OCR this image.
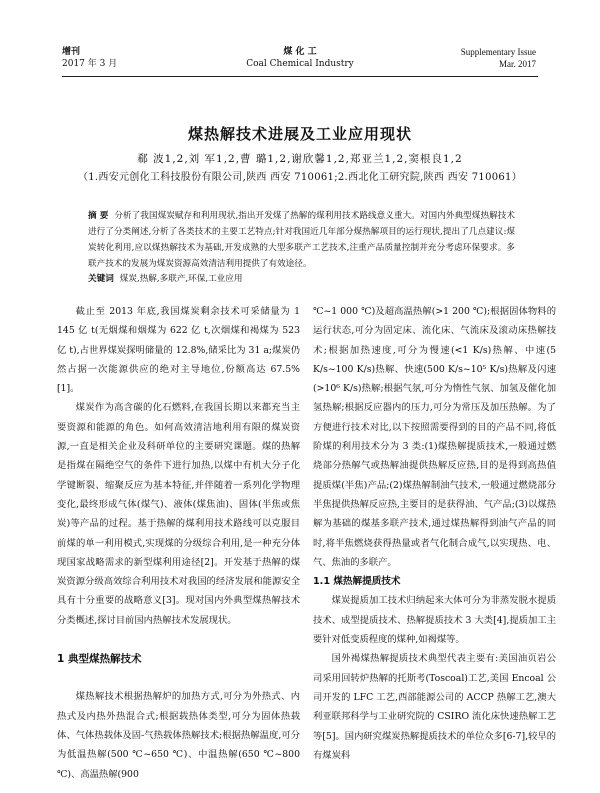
增刊
2017 年 3 月
煤 化 工
Coal Chemical Industry
Supplementary Issue
Mar. 2017
煤热解技术进展及工业应用现状
郗 波1,2,刘 军1,2,曹 璐1,2,谢欣馨1,2,郑亚兰1,2,窦根良1,2
（1.西安元创化工科技股份有限公司,陕西 西安 710061;2.西北化工研究院,陕西 西安 710061）
摘 要 分析了我国煤炭赋存和利用现状,指出开发煤了热解的煤利用技术路线意义重大。对国内外典型煤热解技术进行了分类阐述,分析了各类技术的主要工艺特点;针对我国近几年部分煤热解项目的运行现状,提出了几点建议:煤炭转化利用,应以煤热解技术为基础,开发成熟的大型多联产工艺技术,注重产品质量控制并充分考虑环保要求。多联产技术的发展为煤炭资源高效清洁利用提供了有效途径。
关键词 煤炭,热解,多联产,环保,工业应用

截止至 2013 年底,我国煤炭剩余技术可采储量为 1 145 亿 t(无烟煤和烟煤为 622 亿 t,次烟煤和褐煤为 523 亿 t),占世界煤炭探明储量的 12.8%,储采比为 31 a;煤炭仍然占据一次能源供应的绝对主导地位,份额高达 67.5%[1]。

煤炭作为高含碳的化石燃料,在我国长期以来都充当主要资源和能源的角色。如何高效清洁地利用有限的煤炭资源,一直是相关企业及科研单位的主要研究课题。煤的热解是指煤在隔绝空气的条件下进行加热,以煤中有机大分子化学键断裂、缩聚反应为基本特征,并伴随着一系列化学物理变化,最终形成气体(煤气)、液体(煤焦油)、固体(半焦或焦炭)等产品的过程。基于热解的煤利用技术路线可以克服目前煤的单一利用模式,实现煤的分级综合利用,是一种充分体现国家战略需求的新型煤利用途径[2]。开发基于热解的煤炭资源分级高效综合利用技术对我国的经济发展和能源安全具有十分重要的战略意义[3]。现对国内外典型煤热解技术分类概述,探讨目前国内热解技术发展现状。

1 典型煤热解技术

煤热解技术根据热解炉的加热方式,可分为外热式、内热式及内热外热混合式;根据载热体类型,可分为固体热载体、气体热载体及固-气热载体热解技术;根据热解温度,可分为低温热解(500 ℃~650 ℃)、中温热解(650 ℃~800 ℃)、高温热解(900

℃~1 000 ℃)及超高温热解(>1 200 ℃);根据固体物料的运行状态,可分为固定床、流化床、气流床及滚动床热解技术;根据加热速度,可分为慢速(<1 K/s)热解、中速(5 K/s~100 K/s)热解、快速(500 K/s~10⁵ K/s)热解及闪速(>10⁶ K/s)热解;根据气氛,可分为惰性气氛、加氢及催化加氢热解;根据反应器内的压力,可分为常压及加压热解。为了方便进行技术对比,以下按照需要得到的目的产品不同,将低阶煤的利用技术分为 3 类:(1)煤热解提质技术,一般通过燃烧部分热解气或热解油提供热解反应热,目的是得到高热值提质煤(半焦)产品;(2)煤热解制油气技术,一般通过燃烧部分半焦提供热解反应热,主要目的是获得油、气产品;(3)以煤热解为基础的煤基多联产技术,通过煤热解得到油气产品的同时,将半焦燃烧获得热量或者气化制合成气,以实现热、电、气、焦油的多联产。

1.1 煤热解提质技术

煤炭提质加工技术归纳起来大体可分为非蒸发脱水提质技术、成型提质技术、热解提质技术 3 大类[4],提质加工主要针对低变质程度的煤种,如褐煤等。

国外褐煤热解提质技术典型代表主要有:美国油页岩公司采用回转炉热解的托斯考(Toscoal)工艺,美国 Encoal 公司开发的 LFC 工艺,西部能源公司的 ACCP 热解工艺,澳大利亚联邦科学与工业研究院的 CSIRO 流化床快速热解工艺等[5]。国内研究煤炭热解提质技术的单位众多[6-7],较早的有煤炭科
